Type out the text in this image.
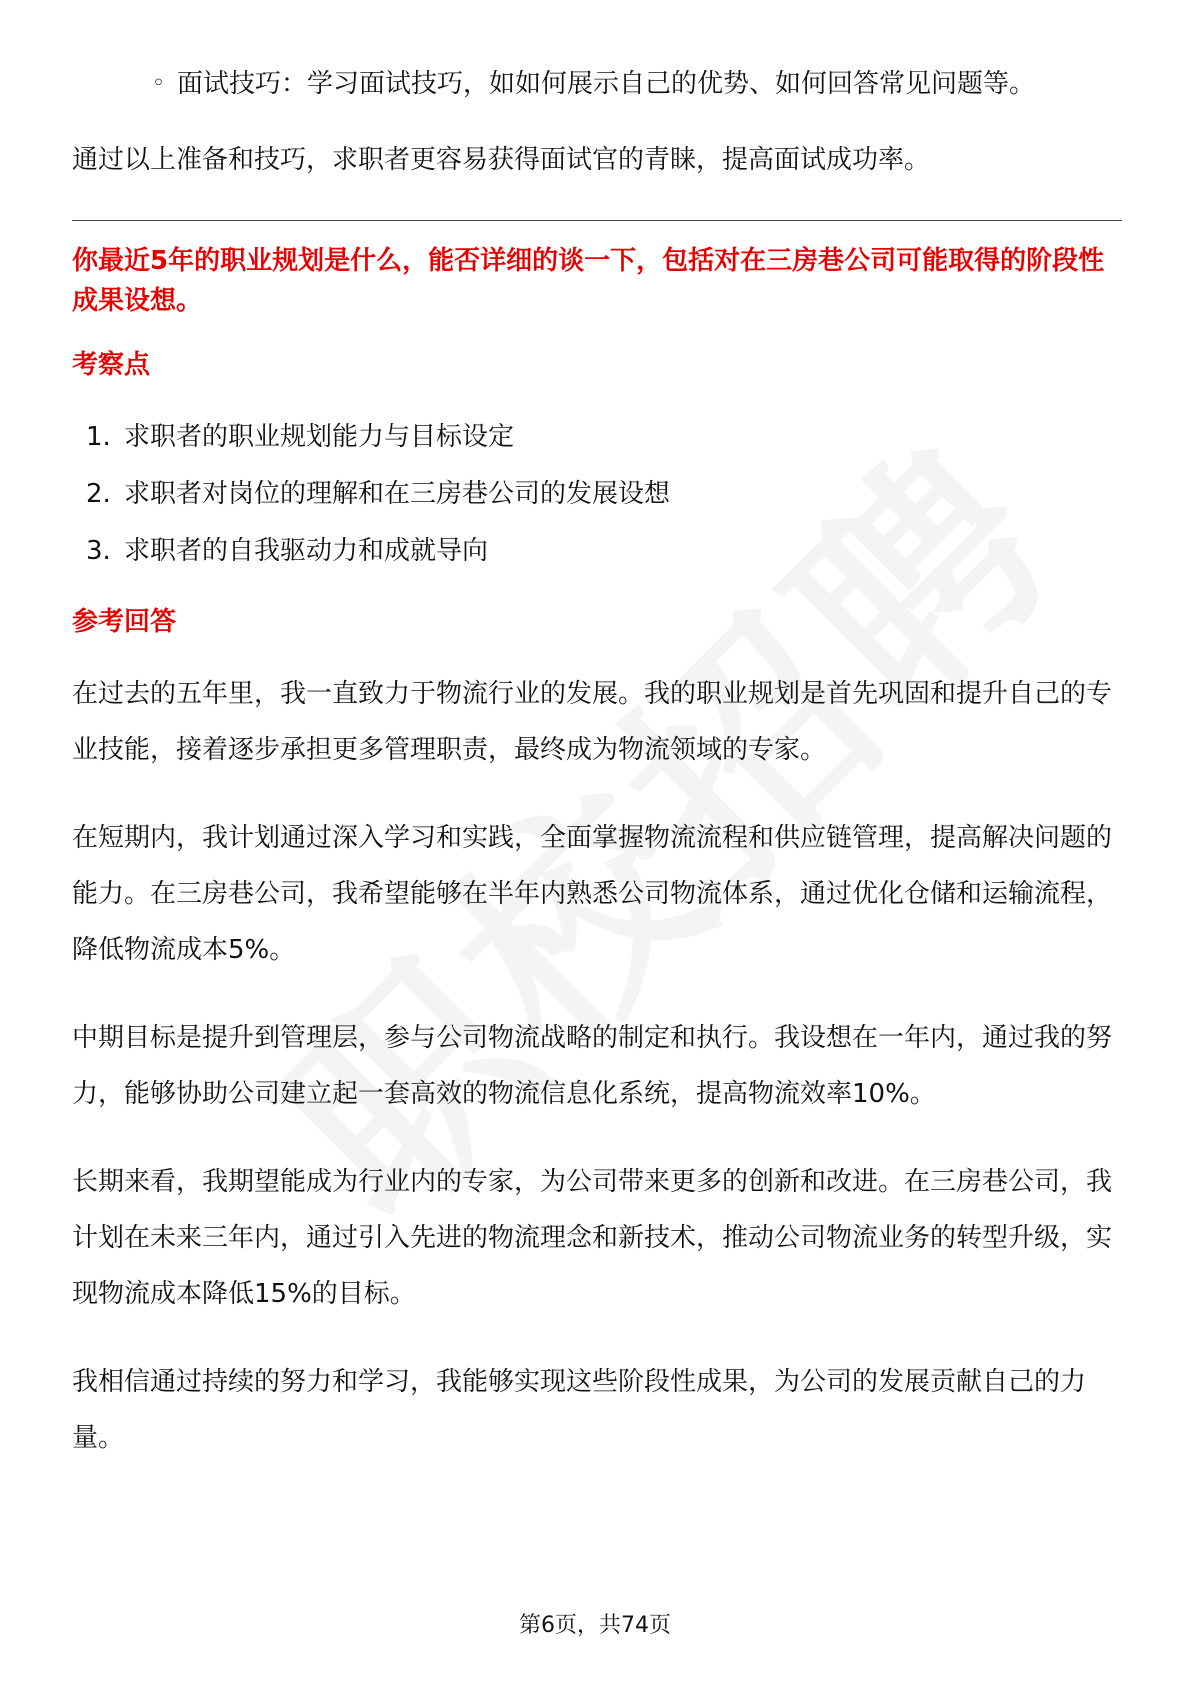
◦ 面试技巧：学习面试技巧，如如何展示自己的优势、如何回答常见问题等。

通过以上准备和技巧，求职者更容易获得面试官的青睐，提高面试成功率。

你最近5年的职业规划是什么，能否详细的谈一下，包括对在三房巷公司可能取得的阶段性成果设想。
考察点
1. 求职者的职业规划能力与目标设定
2. 求职者对岗位的理解和在三房巷公司的发展设想
3. 求职者的自我驱动力和成就导向
参考回答

在过去的五年里，我一直致力于物流行业的发展。我的职业规划是首先巩固和提升自己的专业技能，接着逐步承担更多管理职责，最终成为物流领域的专家。

在短期内，我计划通过深入学习和实践，全面掌握物流流程和供应链管理，提高解决问题的能力。在三房巷公司，我希望能够在半年内熟悉公司物流体系，通过优化仓储和运输流程，降低物流成本5%。

中期目标是提升到管理层，参与公司物流战略的制定和执行。我设想在一年内，通过我的努力，能够协助公司建立起一套高效的物流信息化系统，提高物流效率10%。

长期来看，我期望能成为行业内的专家，为公司带来更多的创新和改进。在三房巷公司，我计划在未来三年内，通过引入先进的物流理念和新技术，推动公司物流业务的转型升级，实现物流成本降低15%的目标。

我相信通过持续的努力和学习，我能够实现这些阶段性成果，为公司的发展贡献自己的力量。

第6页，共74页
